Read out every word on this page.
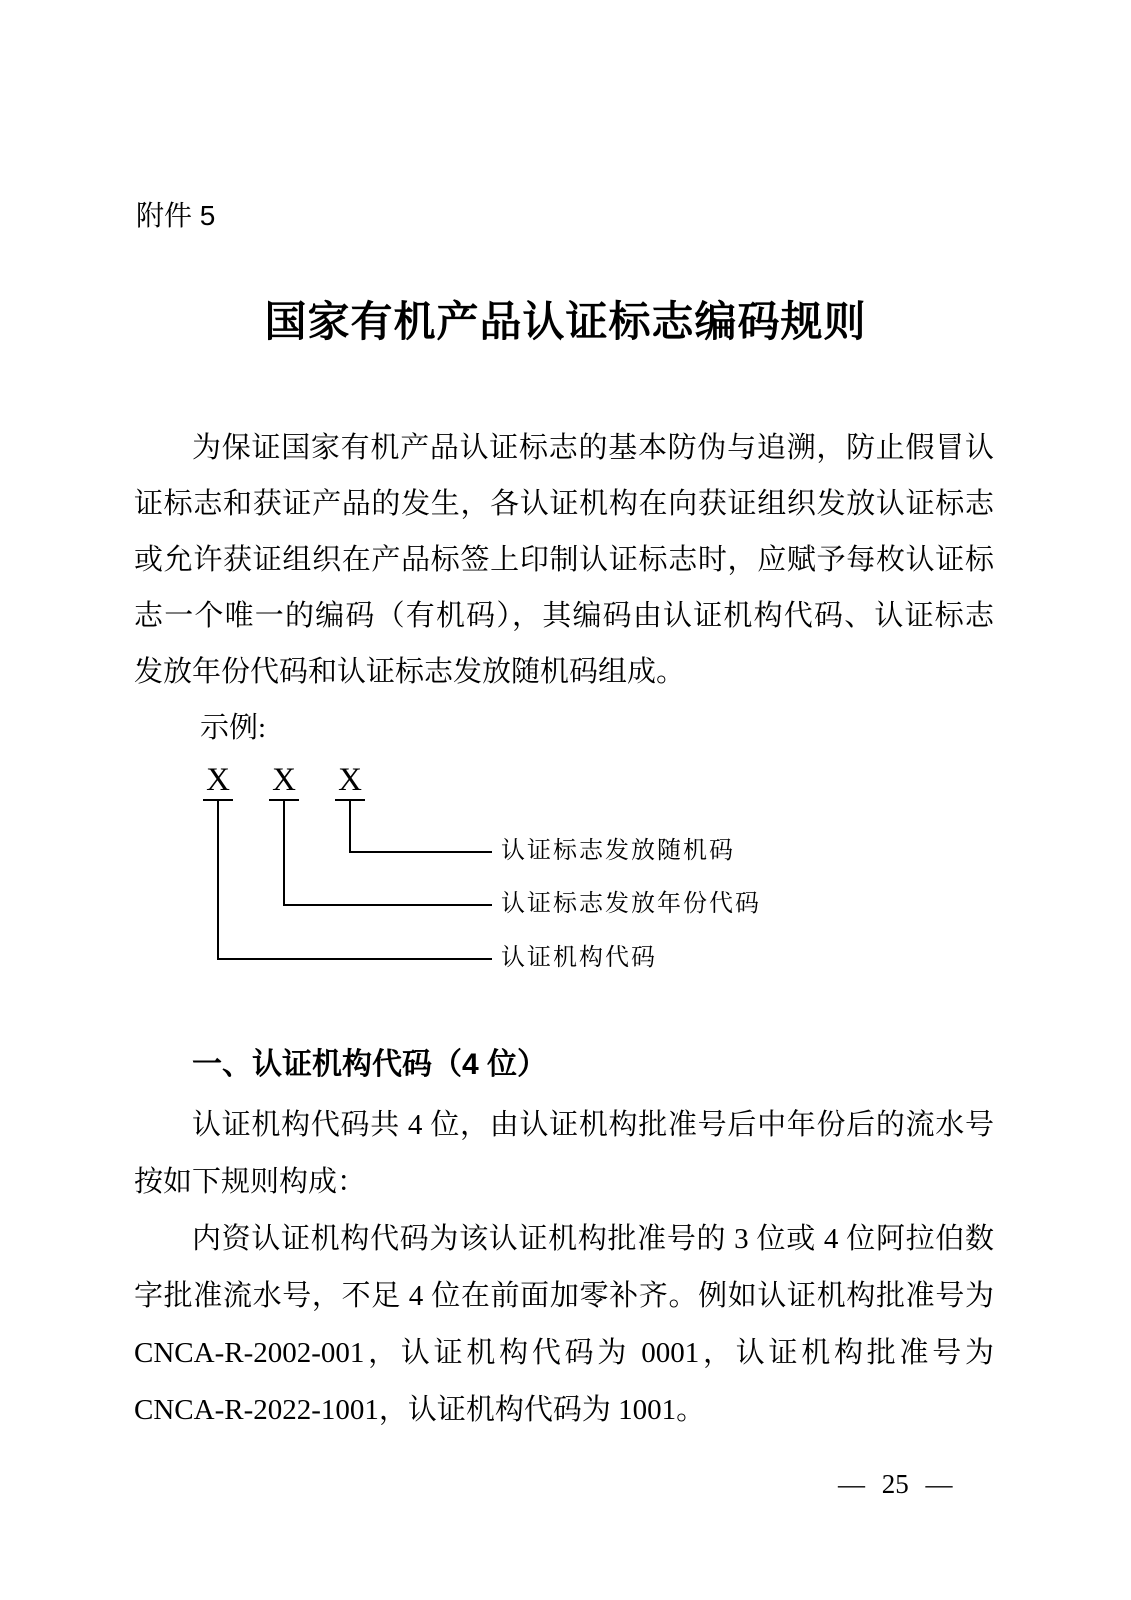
附件 5
国家有机产品认证标志编码规则
为保证国家有机产品认证标志的基本防伪与追溯，防止假冒认
证标志和获证产品的发生，各认证机构在向获证组织发放认证标志
或允许获证组织在产品标签上印制认证标志时，应赋予每枚认证标
志一个唯一的编码（有机码），其编码由认证机构代码、认证标志
发放年份代码和认证标志发放随机码组成。
示例:
X X X
认证标志发放随机码
认证标志发放年份代码
认证机构代码
一、认证机构代码（4 位）
认证机构代码共 4 位，由认证机构批准号后中年份后的流水号
按如下规则构成：
内资认证机构代码为该认证机构批准号的 3 位或 4 位阿拉伯数
字批准流水号，不足 4 位在前面加零补齐。例如认证机构批准号为
CNCA-R-2002-001，认证机构代码为 0001，认证机构批准号为
CNCA-R-2022-1001，认证机构代码为 1001。
— 25 —
